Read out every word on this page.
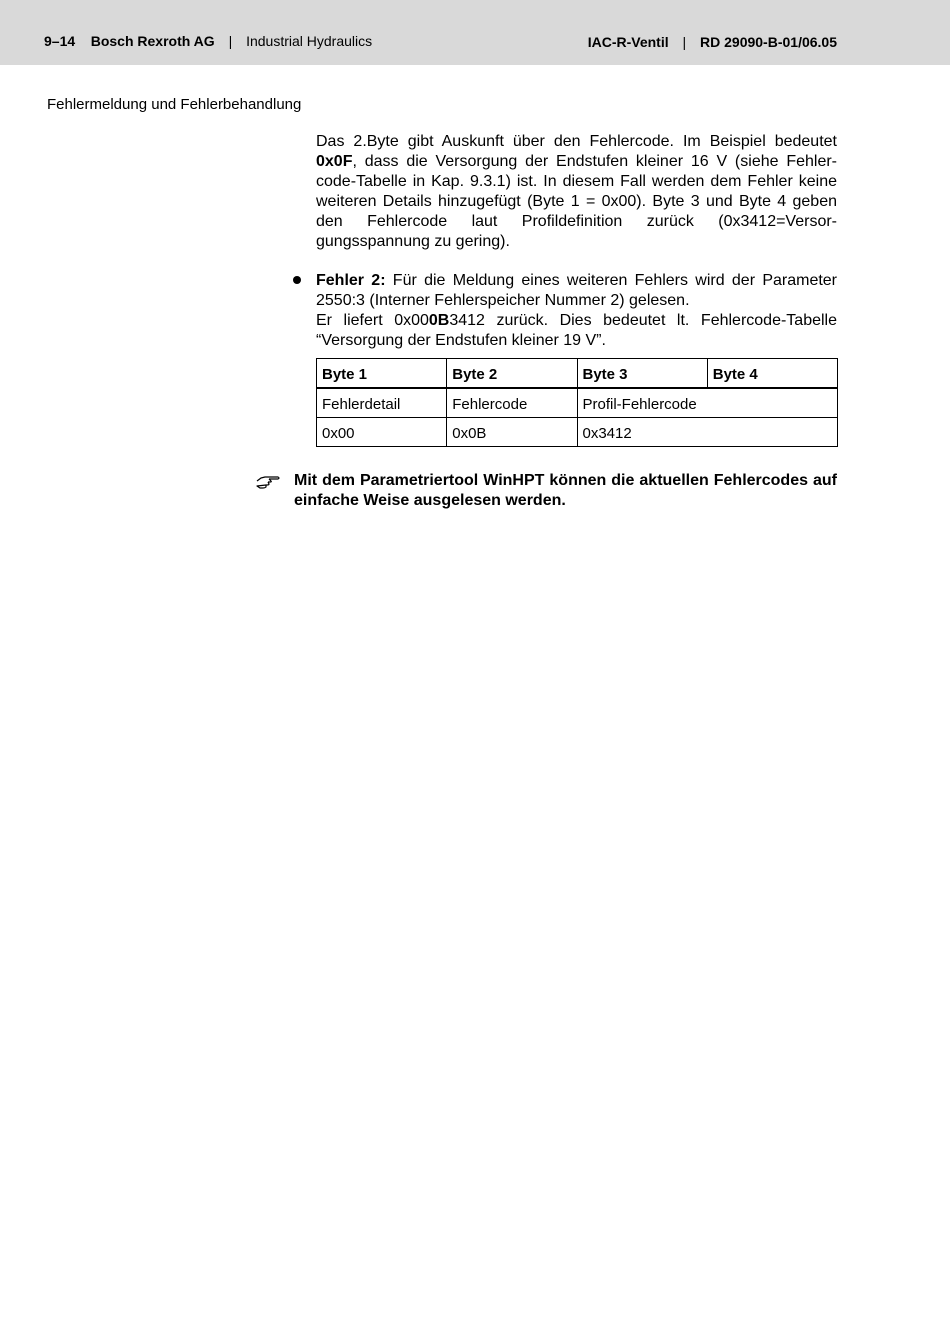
9–14 Bosch Rexroth AG | Industrial Hydraulics	IAC-R-Ventil | RD 29090-B-01/06.05
Fehlermeldung und Fehlerbehandlung
Das 2.Byte gibt Auskunft über den Fehlercode. Im Beispiel bedeutet 0x0F, dass die Versorgung der Endstufen kleiner 16 V (siehe Fehlercode-Tabelle in Kap. 9.3.1) ist. In diesem Fall werden dem Fehler keine weiteren Details hinzugefügt (Byte 1 = 0x00). Byte 3 und Byte 4 geben den Fehlercode laut Profildefinition zurück (0x3412=Versorgungsspannung zu gering).
Fehler 2: Für die Meldung eines weiteren Fehlers wird der Parameter 2550:3 (Interner Fehlerspeicher Nummer 2) gelesen.
Er liefert 0x000B3412 zurück. Dies bedeutet lt. Fehlercode-Tabelle “Versorgung der Endstufen kleiner 19 V”.
Byte 1	Byte 2	Byte 3	Byte 4
Fehlerdetail	Fehlercode	Profil-Fehlercode	
0x00	0x0B	0x3412	
Mit dem Parametriertool WinHPT können die aktuellen Fehlercodes auf einfache Weise ausgelesen werden.
